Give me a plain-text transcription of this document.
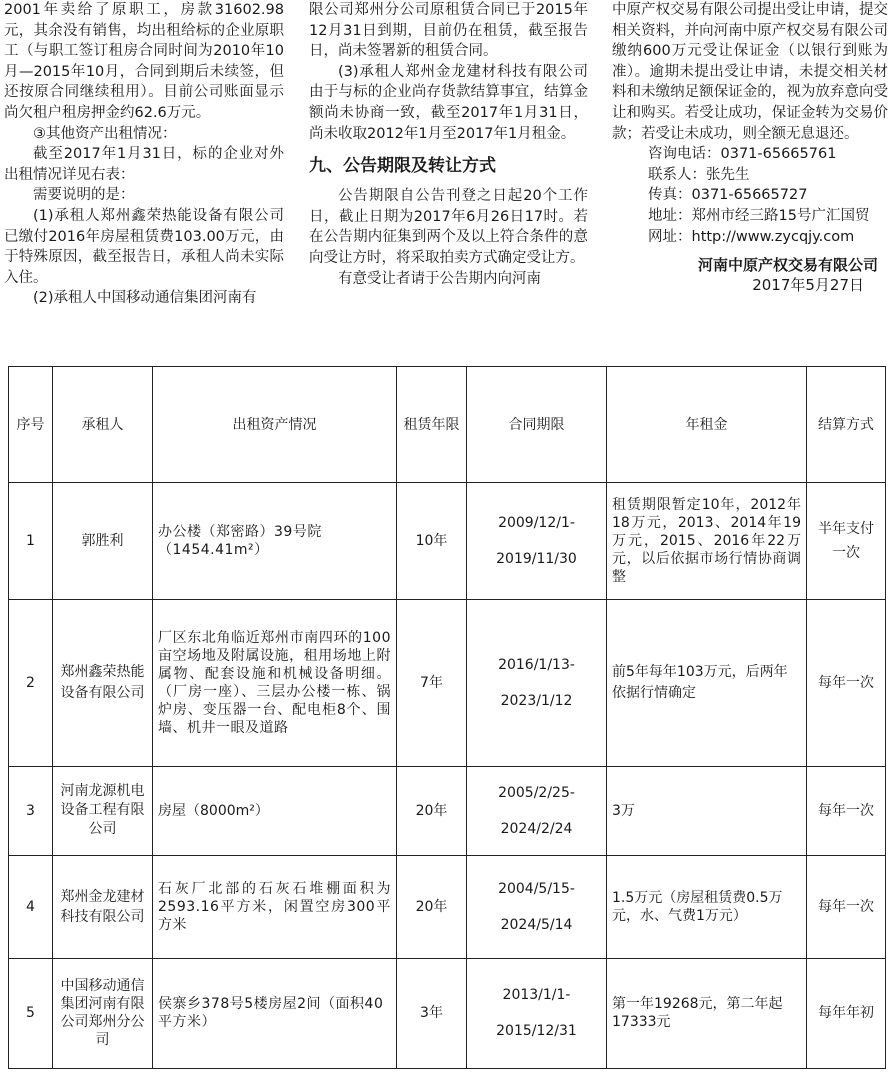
2001年卖给了原职工，房款31602.98元，其余没有销售，均出租给标的企业原职工（与职工签订租房合同时间为2010年10月—2015年10月，合同到期后未续签，但还按原合同继续租用）。目前公司账面显示尚欠租户租房押金约62.6万元。

③其他资产出租情况：

截至2017年1月31日，标的企业对外出租情况详见右表：

需要说明的是：

(1)承租人郑州鑫荣热能设备有限公司已缴付2016年房屋租赁费103.00万元，由于特殊原因，截至报告日，承租人尚未实际入住。

(2)承租人中国移动通信集团河南有

限公司郑州分公司原租赁合同已于2015年12月31日到期，目前仍在租赁，截至报告日，尚未签署新的租赁合同。

(3)承租人郑州金龙建材科技有限公司由于与标的企业尚存货款结算事宜，结算金额尚未协商一致，截至2017年1月31日，尚未收取2012年1月至2017年1月租金。

九、公告期限及转让方式

公告期限自公告刊登之日起20个工作日，截止日期为2017年6月26日17时。若在公告期内征集到两个及以上符合条件的意向受让方时，将采取拍卖方式确定受让方。

有意受让者请于公告期内向河南

中原产权交易有限公司提出受让申请，提交相关资料，并向河南中原产权交易有限公司缴纳600万元受让保证金（以银行到账为准）。逾期未提出受让申请，未提交相关材料和未缴纳足额保证金的，视为放弃意向受让和购买。若受让成功，保证金转为交易价款；若受让未成功，则全额无息退还。

咨询电话：0371-65665761

联系人：张先生

传真：0371-65665727

地址：郑州市经三路15号广汇国贸

网址：http://www.zycqjy.com

河南中原产权交易有限公司

2017年5月27日

序号	承租人	出租资产情况	租赁年限	合同期限	年租金	结算方式
1	郭胜利	办公楼（郑密路）39号院（1454.41m²）	10年	2009/12/1-
2019/11/30	租赁期限暂定10年，2012年18万元，2013、2014年19万元，2015、2016年22万元，以后依据市场行情协商调整	半年支付一次
2	郑州鑫荣热能设备有限公司	厂区东北角临近郑州市南四环的100亩空场地及附属设施，租用场地上附属物、配套设施和机械设备明细。（厂房一座）、三层办公楼一栋、锅炉房、变压器一台、配电柜8个、围墙、机井一眼及道路	7年	2016/1/13-
2023/1/12	前5年每年103万元，后两年依据行情确定	每年一次
3	河南龙源机电设备工程有限公司	房屋（8000m²）	20年	2005/2/25-
2024/2/24	3万	每年一次
4	郑州金龙建材科技有限公司	石灰厂北部的石灰石堆棚面积为2593.16平方米，闲置空房300平方米	20年	2004/5/15-
2024/5/14	1.5万元（房屋租赁费0.5万元，水、气费1万元）	每年一次
5	中国移动通信集团河南有限公司郑州分公司	侯寨乡378号5楼房屋2间（面积40平方米）	3年	2013/1/1-
2015/12/31	第一年19268元，第二年起17333元	每年年初
